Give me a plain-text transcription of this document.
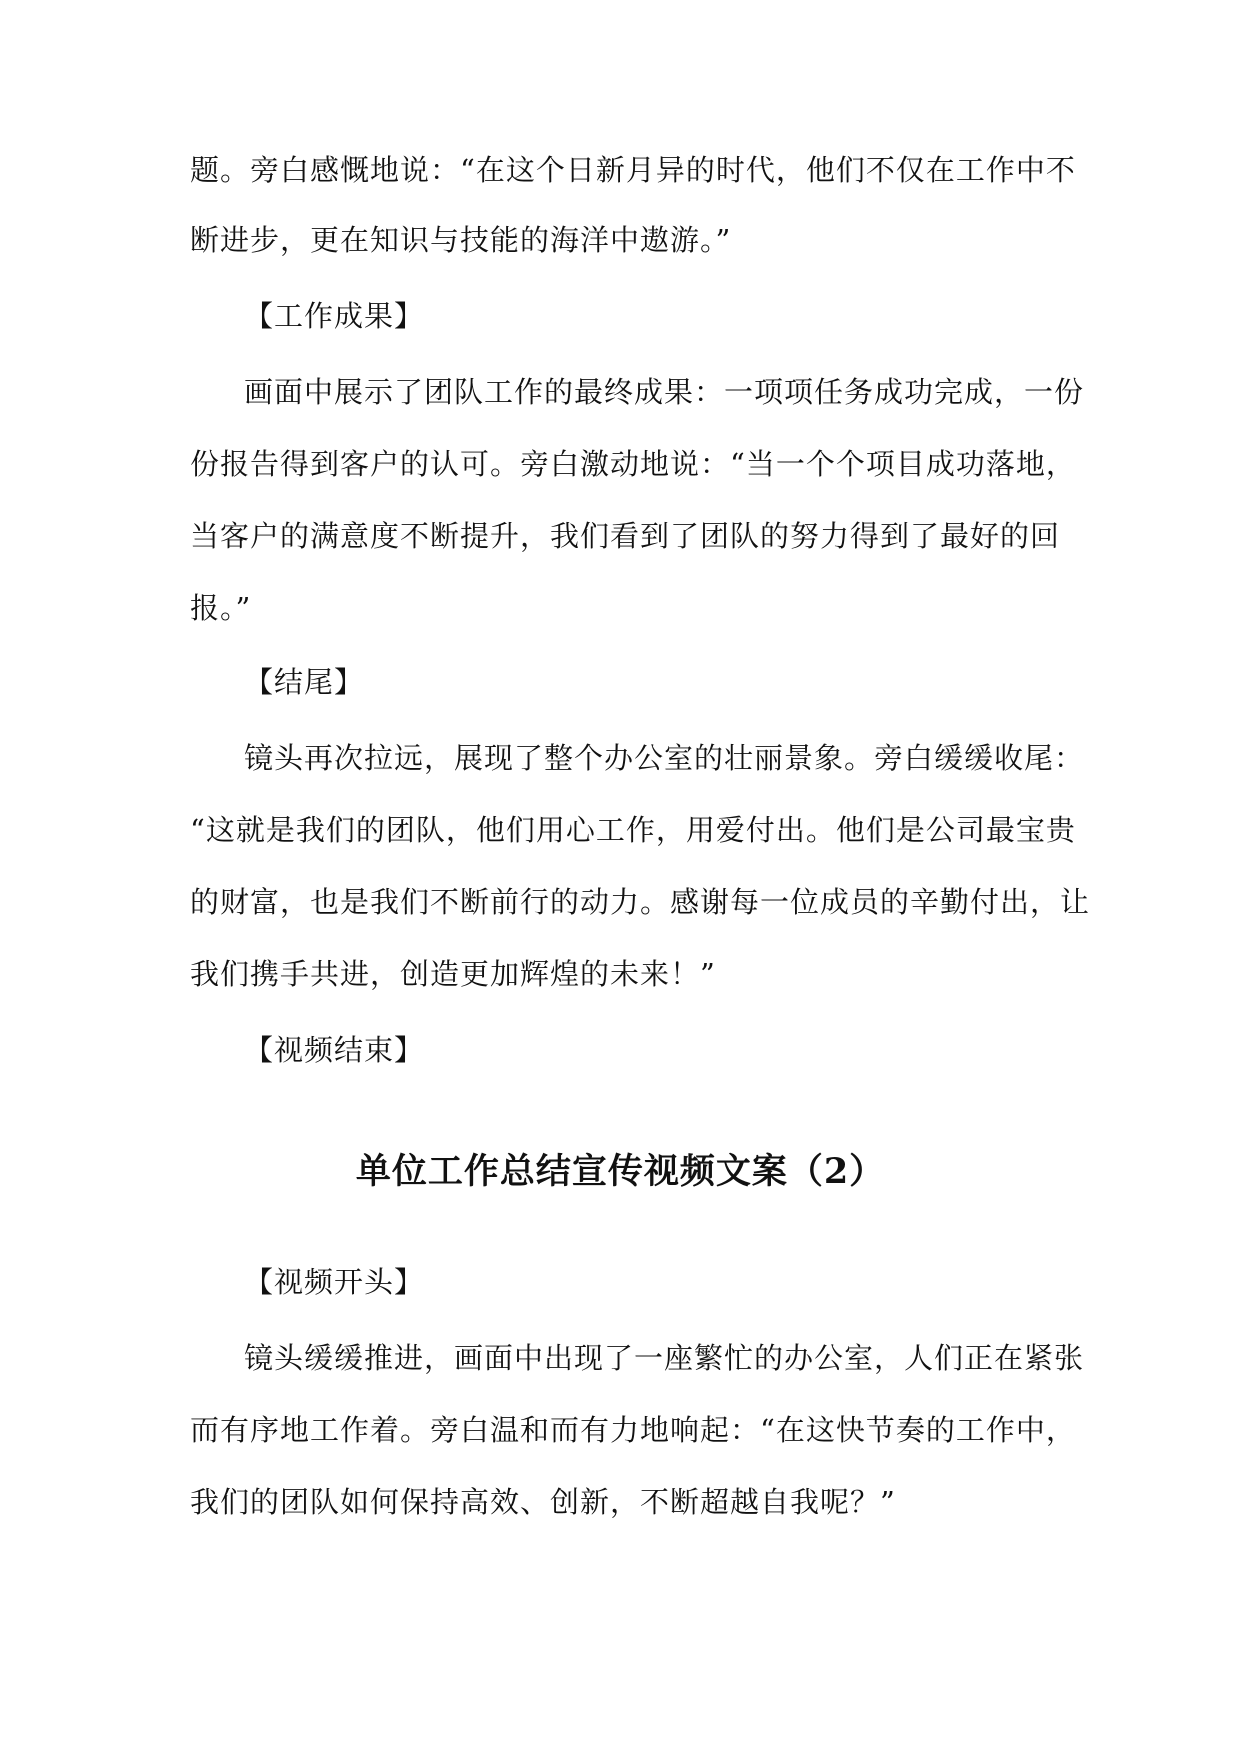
题。旁白感慨地说：“在这个日新月异的时代，他们不仅在工作中不
断进步，更在知识与技能的海洋中遨游。”
【工作成果】
画面中展示了团队工作的最终成果：一项项任务成功完成，一份
份报告得到客户的认可。旁白激动地说：“当一个个项目成功落地，
当客户的满意度不断提升，我们看到了团队的努力得到了最好的回
报。”
【结尾】
镜头再次拉远，展现了整个办公室的壮丽景象。旁白缓缓收尾：
“这就是我们的团队，他们用心工作，用爱付出。他们是公司最宝贵
的财富，也是我们不断前行的动力。感谢每一位成员的辛勤付出，让
我们携手共进，创造更加辉煌的未来！”
【视频结束】
单位工作总结宣传视频文案（2）
【视频开头】
镜头缓缓推进，画面中出现了一座繁忙的办公室，人们正在紧张
而有序地工作着。旁白温和而有力地响起：“在这快节奏的工作中，
我们的团队如何保持高效、创新，不断超越自我呢？”
